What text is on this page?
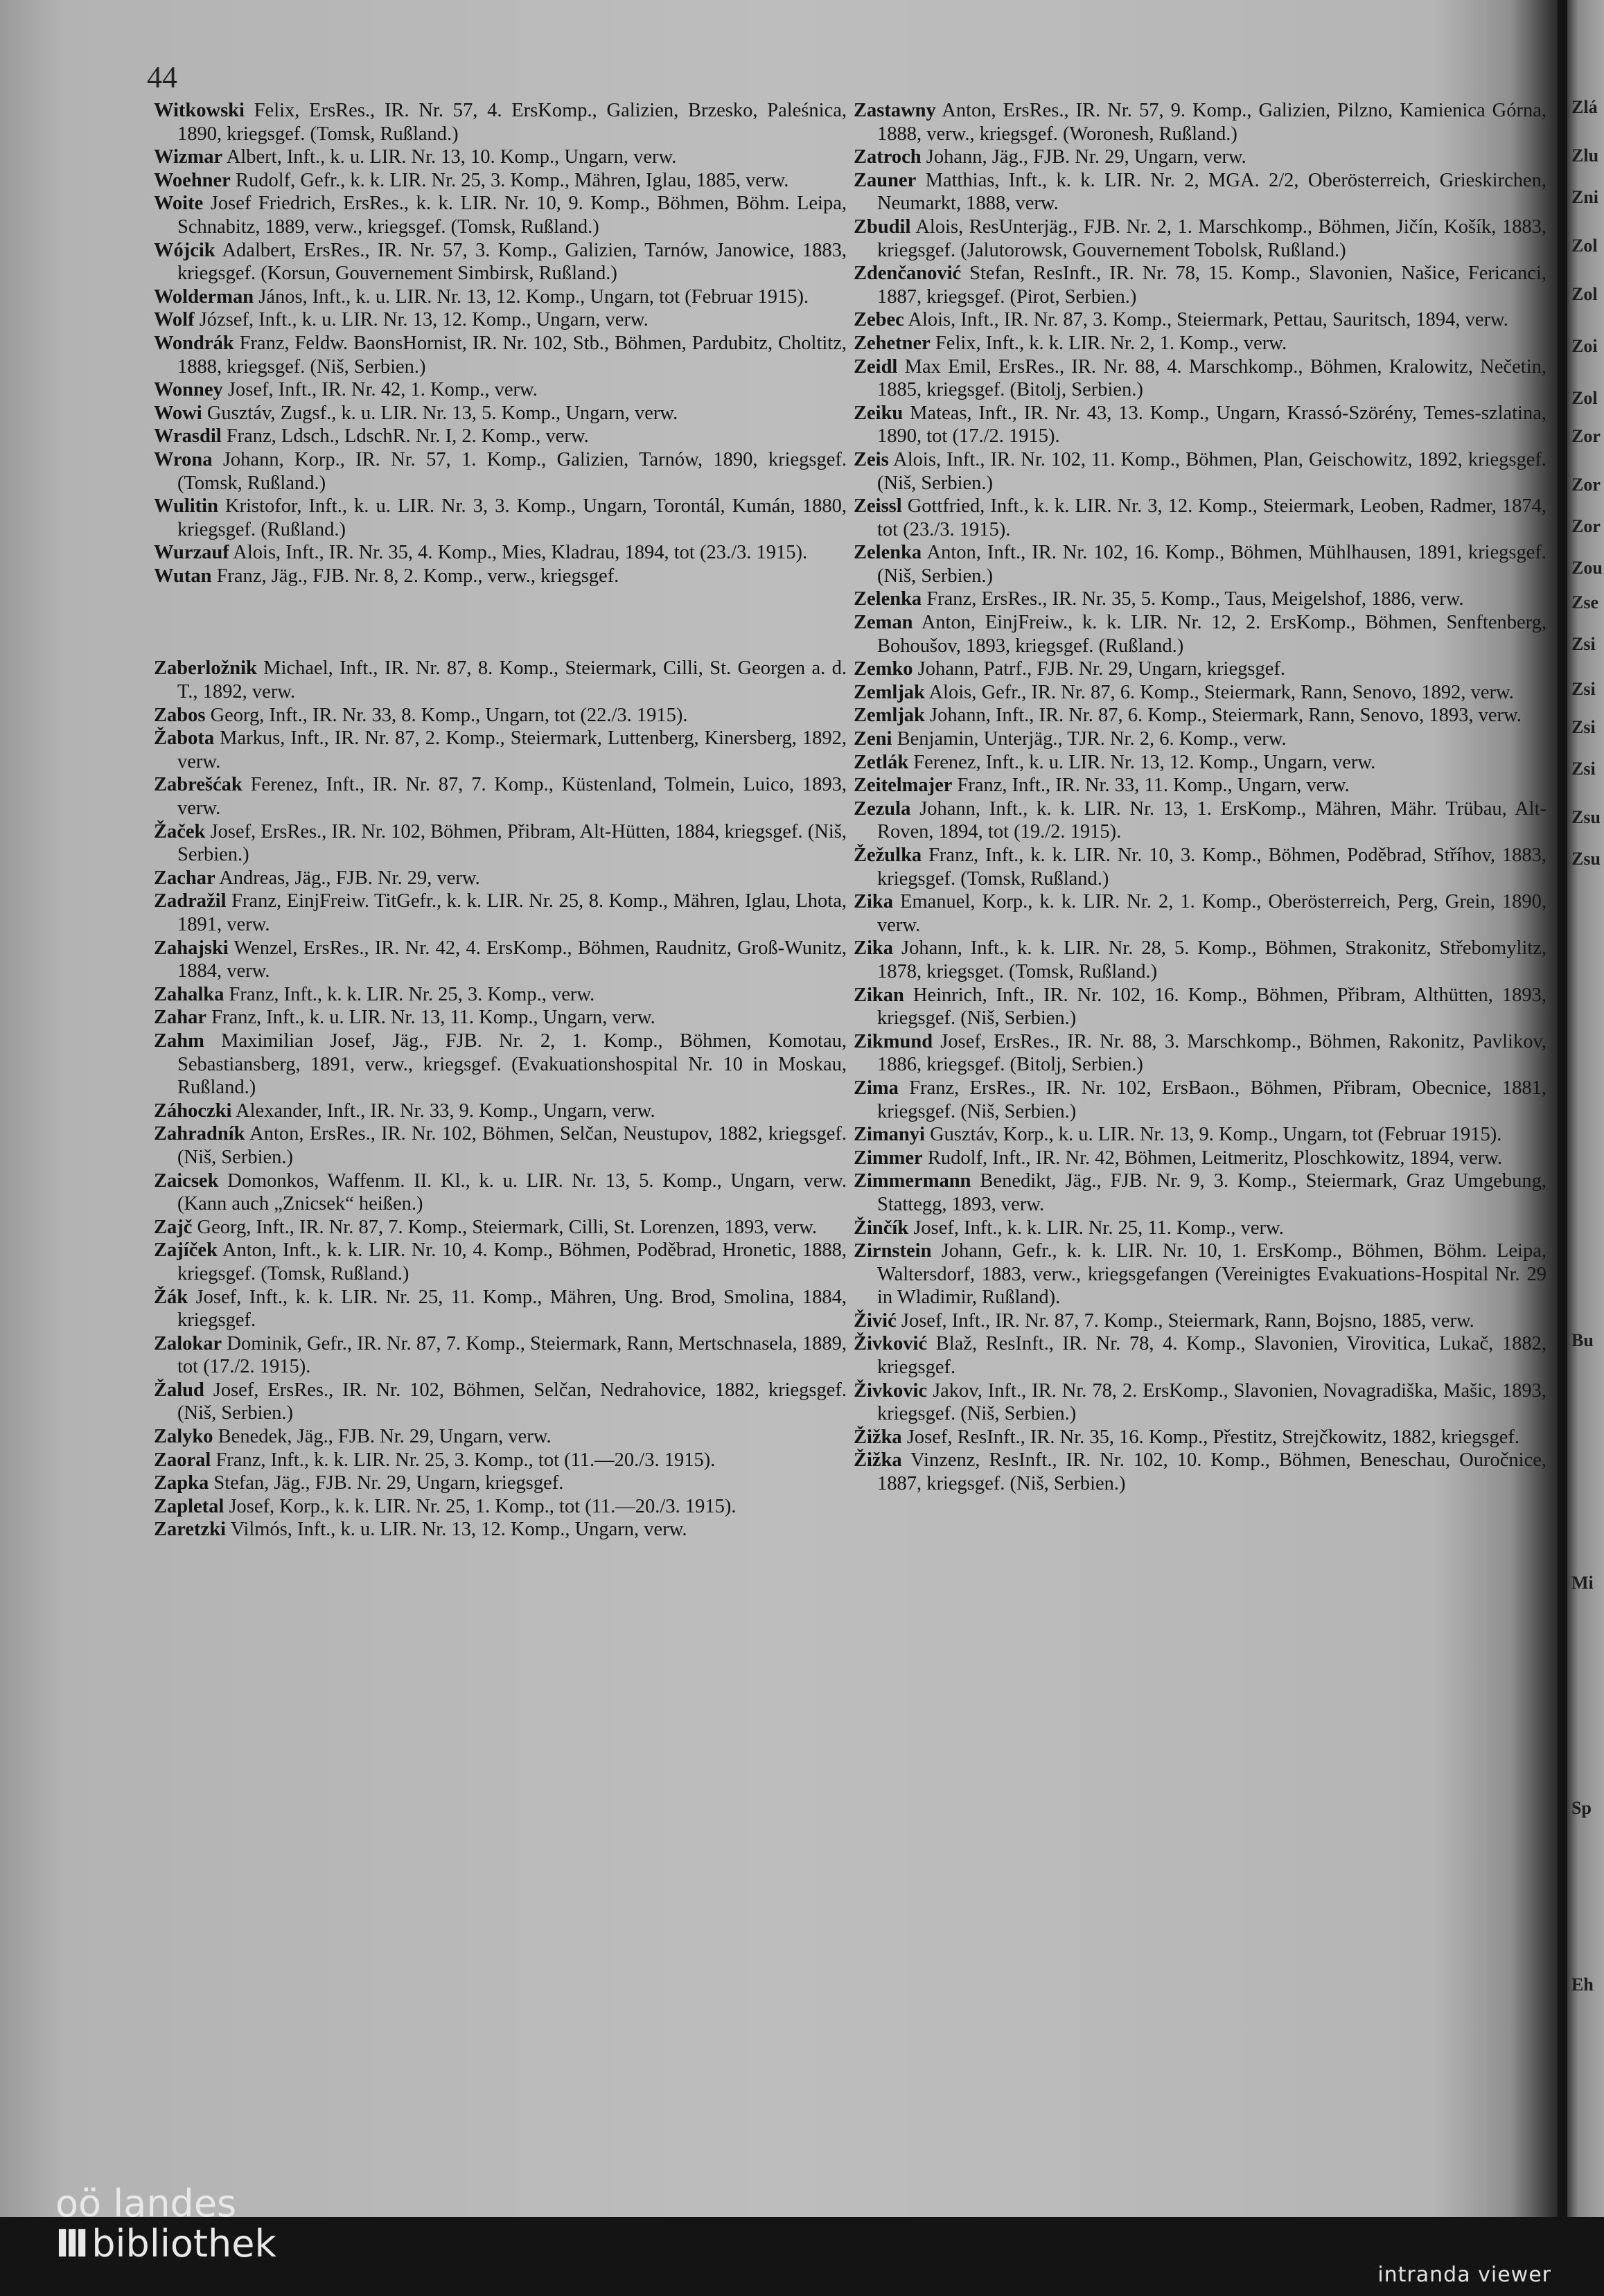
44

Witkowski Felix, ErsRes., IR. Nr. 57, 4. ErsKomp., Galizien, Brzesko, Paleśnica, 1890, kriegsgef. (Tomsk, Rußland.)

Wizmar Albert, Inft., k. u. LIR. Nr. 13, 10. Komp., Ungarn, verw.

Woehner Rudolf, Gefr., k. k. LIR. Nr. 25, 3. Komp., Mähren, Iglau, 1885, verw.

Woite Josef Friedrich, ErsRes., k. k. LIR. Nr. 10, 9. Komp., Böhmen, Böhm. Leipa, Schnabitz, 1889, verw., kriegsgef. (Tomsk, Rußland.)

Wójcik Adalbert, ErsRes., IR. Nr. 57, 3. Komp., Galizien, Tarnów, Janowice, 1883, kriegsgef. (Korsun, Gouvernement Simbirsk, Rußland.)

Wolderman János, Inft., k. u. LIR. Nr. 13, 12. Komp., Ungarn, tot (Februar 1915).

Wolf József, Inft., k. u. LIR. Nr. 13, 12. Komp., Ungarn, verw.

Wondrák Franz, Feldw. BaonsHornist, IR. Nr. 102, Stb., Böhmen, Pardubitz, Choltitz, 1888, kriegsgef. (Niš, Serbien.)

Wonney Josef, Inft., IR. Nr. 42, 1. Komp., verw.

Wowi Gusztáv, Zugsf., k. u. LIR. Nr. 13, 5. Komp., Ungarn, verw.

Wrasdil Franz, Ldsch., LdschR. Nr. I, 2. Komp., verw.

Wrona Johann, Korp., IR. Nr. 57, 1. Komp., Galizien, Tarnów, 1890, kriegsgef. (Tomsk, Rußland.)

Wulitin Kristofor, Inft., k. u. LIR. Nr. 3, 3. Komp., Ungarn, Torontál, Kumán, 1880, kriegsgef. (Rußland.)

Wurzauf Alois, Inft., IR. Nr. 35, 4. Komp., Mies, Kladrau, 1894, tot (23./3. 1915).

Wutan Franz, Jäg., FJB. Nr. 8, 2. Komp., verw., kriegsgef.

Zaberložnik Michael, Inft., IR. Nr. 87, 8. Komp., Steiermark, Cilli, St. Georgen a. d. T., 1892, verw.

Zabos Georg, Inft., IR. Nr. 33, 8. Komp., Ungarn, tot (22./3. 1915).

Žabota Markus, Inft., IR. Nr. 87, 2. Komp., Steiermark, Luttenberg, Kinersberg, 1892, verw.

Zabrešćak Ferenez, Inft., IR. Nr. 87, 7. Komp., Küstenland, Tolmein, Luico, 1893, verw.

Žaček Josef, ErsRes., IR. Nr. 102, Böhmen, Přibram, Alt-Hütten, 1884, kriegsgef. (Niš, Serbien.)

Zachar Andreas, Jäg., FJB. Nr. 29, verw.

Zadražil Franz, EinjFreiw. TitGefr., k. k. LIR. Nr. 25, 8. Komp., Mähren, Iglau, Lhota, 1891, verw.

Zahajski Wenzel, ErsRes., IR. Nr. 42, 4. ErsKomp., Böhmen, Raudnitz, Groß-Wunitz, 1884, verw.

Zahalka Franz, Inft., k. k. LIR. Nr. 25, 3. Komp., verw.

Zahar Franz, Inft., k. u. LIR. Nr. 13, 11. Komp., Ungarn, verw.

Zahm Maximilian Josef, Jäg., FJB. Nr. 2, 1. Komp., Böhmen, Komotau, Sebastiansberg, 1891, verw., kriegsgef. (Evakuationshospital Nr. 10 in Moskau, Rußland.)

Záhoczki Alexander, Inft., IR. Nr. 33, 9. Komp., Ungarn, verw.

Zahradník Anton, ErsRes., IR. Nr. 102, Böhmen, Selčan, Neustupov, 1882, kriegsgef. (Niš, Serbien.)

Zaicsek Domonkos, Waffenm. II. Kl., k. u. LIR. Nr. 13, 5. Komp., Ungarn, verw. (Kann auch „Znicsek“ heißen.)

Zajč Georg, Inft., IR. Nr. 87, 7. Komp., Steiermark, Cilli, St. Lorenzen, 1893, verw.

Zajíček Anton, Inft., k. k. LIR. Nr. 10, 4. Komp., Böhmen, Poděbrad, Hronetic, 1888, kriegsgef. (Tomsk, Rußland.)

Žák Josef, Inft., k. k. LIR. Nr. 25, 11. Komp., Mähren, Ung. Brod, Smolina, 1884, kriegsgef.

Zalokar Dominik, Gefr., IR. Nr. 87, 7. Komp., Steiermark, Rann, Mertschnasela, 1889, tot (17./2. 1915).

Žalud Josef, ErsRes., IR. Nr. 102, Böhmen, Selčan, Nedrahovice, 1882, kriegsgef. (Niš, Serbien.)

Zalyko Benedek, Jäg., FJB. Nr. 29, Ungarn, verw.

Zaoral Franz, Inft., k. k. LIR. Nr. 25, 3. Komp., tot (11.—20./3. 1915).

Zapka Stefan, Jäg., FJB. Nr. 29, Ungarn, kriegsgef.

Zapletal Josef, Korp., k. k. LIR. Nr. 25, 1. Komp., tot (11.—20./3. 1915).

Zaretzki Vilmós, Inft., k. u. LIR. Nr. 13, 12. Komp., Ungarn, verw.

Zastawny Anton, ErsRes., IR. Nr. 57, 9. Komp., Galizien, Pilzno, Kamienica Górna, 1888, verw., kriegsgef. (Woronesh, Rußland.)

Zatroch Johann, Jäg., FJB. Nr. 29, Ungarn, verw.

Zauner Matthias, Inft., k. k. LIR. Nr. 2, MGA. 2/2, Oberösterreich, Grieskirchen, Neumarkt, 1888, verw.

Zbudil Alois, ResUnterjäg., FJB. Nr. 2, 1. Marschkomp., Böhmen, Jičín, Košík, 1883, kriegsgef. (Jalutorowsk, Gouvernement Tobolsk, Rußland.)

Zdenčanović Stefan, ResInft., IR. Nr. 78, 15. Komp., Slavonien, Našice, Fericanci, 1887, kriegsgef. (Pirot, Serbien.)

Zebec Alois, Inft., IR. Nr. 87, 3. Komp., Steiermark, Pettau, Sauritsch, 1894, verw.

Zehetner Felix, Inft., k. k. LIR. Nr. 2, 1. Komp., verw.

Zeidl Max Emil, ErsRes., IR. Nr. 88, 4. Marschkomp., Böhmen, Kralowitz, Nečetin, 1885, kriegsgef. (Bitolj, Serbien.)

Zeiku Mateas, Inft., IR. Nr. 43, 13. Komp., Ungarn, Krassó-Szörény, Temes-szlatina, 1890, tot (17./2. 1915).

Zeis Alois, Inft., IR. Nr. 102, 11. Komp., Böhmen, Plan, Geischowitz, 1892, kriegsgef. (Niš, Serbien.)

Zeissl Gottfried, Inft., k. k. LIR. Nr. 3, 12. Komp., Steiermark, Leoben, Radmer, 1874, tot (23./3. 1915).

Zelenka Anton, Inft., IR. Nr. 102, 16. Komp., Böhmen, Mühlhausen, 1891, kriegsgef. (Niš, Serbien.)

Zelenka Franz, ErsRes., IR. Nr. 35, 5. Komp., Taus, Meigelshof, 1886, verw.

Zeman Anton, EinjFreiw., k. k. LIR. Nr. 12, 2. ErsKomp., Böhmen, Senftenberg, Bohoušov, 1893, kriegsgef. (Rußland.)

Zemko Johann, Patrf., FJB. Nr. 29, Ungarn, kriegsgef.

Zemljak Alois, Gefr., IR. Nr. 87, 6. Komp., Steiermark, Rann, Senovo, 1892, verw.

Zemljak Johann, Inft., IR. Nr. 87, 6. Komp., Steiermark, Rann, Senovo, 1893, verw.

Zeni Benjamin, Unterjäg., TJR. Nr. 2, 6. Komp., verw.

Zetlák Ferenez, Inft., k. u. LIR. Nr. 13, 12. Komp., Ungarn, verw.

Zeitelmajer Franz, Inft., IR. Nr. 33, 11. Komp., Ungarn, verw.

Zezula Johann, Inft., k. k. LIR. Nr. 13, 1. ErsKomp., Mähren, Mähr. Trübau, Alt-Roven, 1894, tot (19./2. 1915).

Žežulka Franz, Inft., k. k. LIR. Nr. 10, 3. Komp., Böhmen, Poděbrad, Stříhov, 1883, kriegsgef. (Tomsk, Rußland.)

Zika Emanuel, Korp., k. k. LIR. Nr. 2, 1. Komp., Oberösterreich, Perg, Grein, 1890, verw.

Zika Johann, Inft., k. k. LIR. Nr. 28, 5. Komp., Böhmen, Strakonitz, Střebomylitz, 1878, kriegsget. (Tomsk, Rußland.)

Zikan Heinrich, Inft., IR. Nr. 102, 16. Komp., Böhmen, Přibram, Althütten, 1893, kriegsgef. (Niš, Serbien.)

Zikmund Josef, ErsRes., IR. Nr. 88, 3. Marschkomp., Böhmen, Rakonitz, Pavlikov, 1886, kriegsgef. (Bitolj, Serbien.)

Zima Franz, ErsRes., IR. Nr. 102, ErsBaon., Böhmen, Přibram, Obecnice, 1881, kriegsgef. (Niš, Serbien.)

Zimanyi Gusztáv, Korp., k. u. LIR. Nr. 13, 9. Komp., Ungarn, tot (Februar 1915).

Zimmer Rudolf, Inft., IR. Nr. 42, Böhmen, Leitmeritz, Ploschkowitz, 1894, verw.

Zimmermann Benedikt, Jäg., FJB. Nr. 9, 3. Komp., Steiermark, Graz Umgebung, Stattegg, 1893, verw.

Žinčík Josef, Inft., k. k. LIR. Nr. 25, 11. Komp., verw.

Zirnstein Johann, Gefr., k. k. LIR. Nr. 10, 1. ErsKomp., Böhmen, Böhm. Leipa, Waltersdorf, 1883, verw., kriegsgefangen (Vereinigtes Evakuations-Hospital Nr. 29 in Wladimir, Rußland).

Živić Josef, Inft., IR. Nr. 87, 7. Komp., Steiermark, Rann, Bojsno, 1885, verw.

Živković Blaž, ResInft., IR. Nr. 78, 4. Komp., Slavonien, Virovitica, Lukač, 1882, kriegsgef.

Živkovic Jakov, Inft., IR. Nr. 78, 2. ErsKomp., Slavonien, Novagradiška, Mašic, 1893, kriegsgef. (Niš, Serbien.)

Žižka Josef, ResInft., IR. Nr. 35, 16. Komp., Přestitz, Strejčkowitz, 1882, kriegsgef.

Žižka Vinzenz, ResInft., IR. Nr. 102, 10. Komp., Böhmen, Beneschau, Ouročnice, 1887, kriegsgef. (Niš, Serbien.)

Zlá
Zlu
Zni
Zol
Zol
Zoi
Zol
Zor
Zor
Zor
Zou
Zse
Zsi
Zsi
Zsi
Zsi
Zsu
Zsu
Bu
Mi
Sp
Eh
oö landes
III bibliothek
intranda viewer
